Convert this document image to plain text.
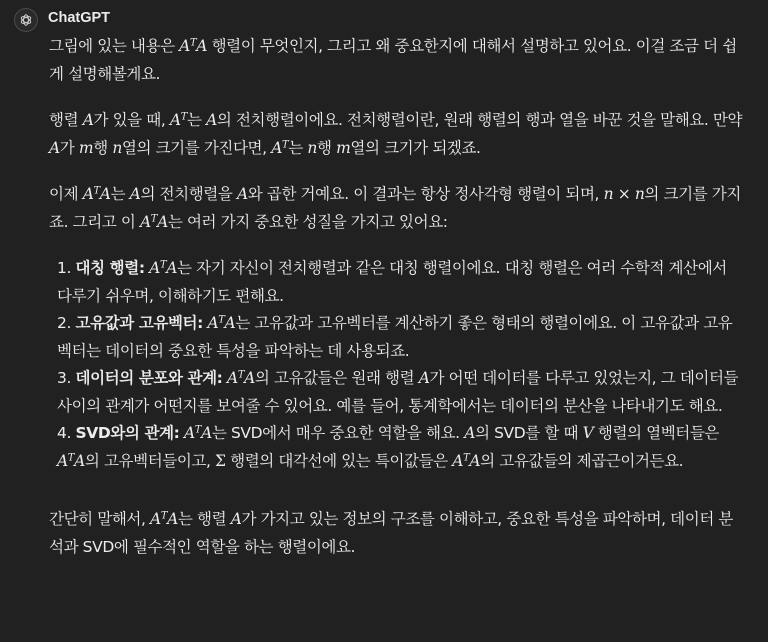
ChatGPT

그림에 있는 내용은 $A^TA$ 행렬이 무엇인지, 그리고 왜 중요한지에 대해서 설명하고 있어요. 이걸 조금 더 쉽게 설명해볼게요.

행렬 A가 있을 때, $A^T$는 A의 전치행렬이에요. 전치행렬이란, 원래 행렬의 행과 열을 바꾼 것을 말해요. 만약 A가 m행 n열의 크기를 가진다면, $A^T$는 n행 m열의 크기가 되겠죠.

이제 $A^TA$는 A의 전치행렬을 A와 곱한 거예요. 이 결과는 항상 정사각형 행렬이 되며, n × n의 크기를 가지죠. 그리고 이 $A^TA$는 여러 가지 중요한 성질을 가지고 있어요:

1. 대칭 행렬: $A^TA$는 자기 자신이 전치행렬과 같은 대칭 행렬이에요. 대칭 행렬은 여러 수학적 계산에서 다루기 쉬우며, 이해하기도 편해요.
2. 고유값과 고유벡터: $A^TA$는 고유값과 고유벡터를 계산하기 좋은 형태의 행렬이에요. 이 고유값과 고유벡터는 데이터의 중요한 특성을 파악하는 데 사용되죠.
3. 데이터의 분포와 관계: $A^TA$의 고유값들은 원래 행렬 A가 어떤 데이터를 다루고 있었는지, 그 데이터들 사이의 관계가 어떤지를 보여줄 수 있어요. 예를 들어, 통계학에서는 데이터의 분산을 나타내기도 해요.
4. SVD와의 관계: $A^TA$는 SVD에서 매우 중요한 역할을 해요. A의 SVD를 할 때 V 행렬의 열벡터들은 $A^TA$의 고유벡터들이고, Σ 행렬의 대각선에 있는 특이값들은 $A^TA$의 고유값들의 제곱근이거든요.

간단히 말해서, $A^TA$는 행렬 A가 가지고 있는 정보의 구조를 이해하고, 중요한 특성을 파악하며, 데이터 분석과 SVD에 필수적인 역할을 하는 행렬이에요.
